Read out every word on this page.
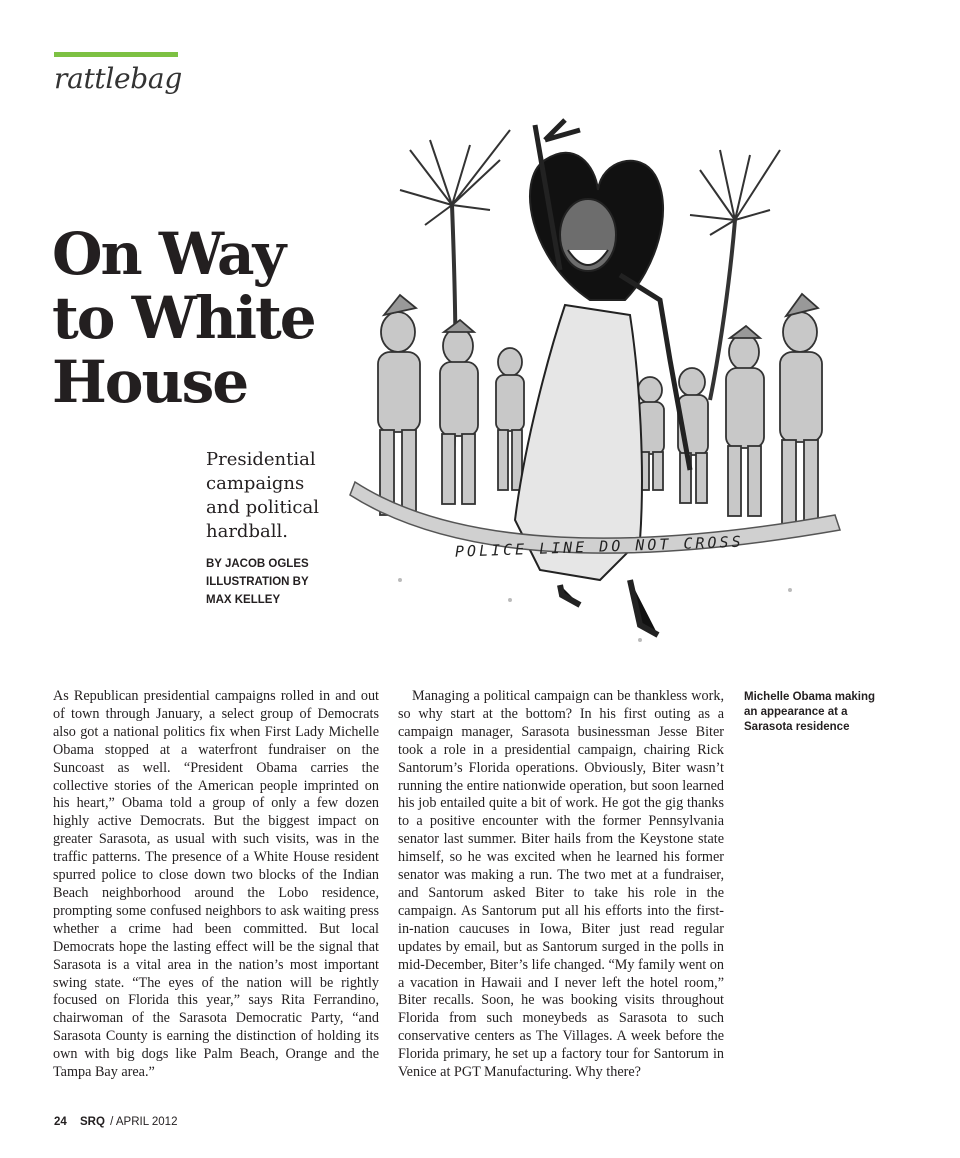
rattlebag
On Way
to White
House
Presidential
campaigns
and political
hardball.
BY JACOB OGLES
ILLUSTRATION BY
MAX KELLEY
POLICE LINE DO NOT CROSS
As Republican presidential campaigns rolled in and out of town through January, a select group of Democrats also got a national politics fix when First Lady Michelle Obama stopped at a waterfront fundraiser on the Suncoast as well. “President Obama carries the collective stories of the American people imprinted on his heart,” Obama told a group of only a few dozen highly active Democrats. But the biggest impact on greater Sarasota, as usual with such visits, was in the traffic patterns. The presence of a White House resident spurred police to close down two blocks of the Indian Beach neighborhood around the Lobo residence, prompting some confused neighbors to ask waiting press whether a crime had been committed. But local Democrats hope the lasting effect will be the signal that Sarasota is a vital area in the nation’s most important swing state. “The eyes of the nation will be rightly focused on Florida this year,” says Rita Ferrandino, chairwoman of the Sarasota Democratic Party, “and Sarasota County is earning the distinction of holding its own with big dogs like Palm Beach, Orange and the Tampa Bay area.”
Managing a political campaign can be thankless work, so why start at the bottom? In his first outing as a campaign manager, Sarasota businessman Jesse Biter took a role in a presidential campaign, chairing Rick Santorum’s Florida operations. Obviously, Biter wasn’t running the entire nationwide operation, but soon learned his job entailed quite a bit of work. He got the gig thanks to a positive encounter with the former Pennsylvania senator last summer. Biter hails from the Keystone state himself, so he was excited when he learned his former senator was making a run. The two met at a fundraiser, and Santorum asked Biter to take his role in the campaign. As Santorum put all his efforts into the first-in-nation caucuses in Iowa, Biter just read regular updates by email, but as Santorum surged in the polls in mid-December, Biter’s life changed. “My family went on a vacation in Hawaii and I never left the hotel room,” Biter recalls. Soon, he was booking visits throughout Florida from such moneybeds as Sarasota to such conservative centers as The Villages. A week before the Florida primary, he set up a factory tour for Santorum in Venice at PGT Manufacturing. Why there?
Michelle Obama making an appearance at a Sarasota residence
24 SRQ / APRIL 2012
